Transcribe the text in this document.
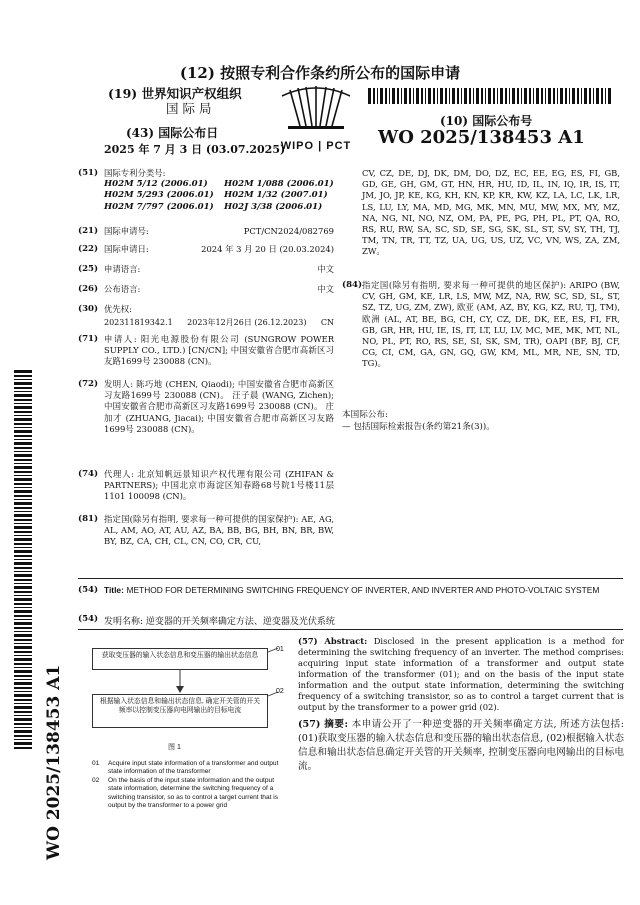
(12) 按照专利合作条约所公布的国际申请
(19) 世界知识产权组织
国 际 局
(43) 国际公布日
2025 年 7 月 3 日 (03.07.2025)
WIPO | PCT
(10) 国际公布号
WO 2025/138453 A1
WO 2025/138453 A1
(51) 国际专利分类号:
H02M 5/12 (2006.01) H02M 1/088 (2006.01)
H02M 5/293 (2006.01) H02M 1/32 (2007.01)
H02M 7/797 (2006.01) H02J 3/38 (2006.01)
(21) 国际申请号:	PCT/CN2024/082769
(22) 国际申请日:	2024 年 3 月 20 日 (20.03.2024)
(25) 申请语言:	中文
(26) 公布语言:	中文
(30) 优先权:
202311819342.1 2023年12月26日 (26.12.2023) CN
(71) 申请人: 阳光电源股份有限公司 (SUNGROW POWER SUPPLY CO., LTD.) [CN/CN]; 中国安徽省合肥市高新区习友路1699号 230088 (CN)。
(72) 发明人: 陈巧地 (CHEN, Qiaodi); 中国安徽省合肥市高新区习友路1699号 230088 (CN)。 汪子晨 (WANG, Zichen); 中国安徽省合肥市高新区习友路1699号 230088 (CN)。 庄加才 (ZHUANG, Jiacai); 中国安徽省合肥市高新区习友路1699号 230088 (CN)。
(74) 代理人: 北京知帆远景知识产权代理有限公司 (ZHIFAN & PARTNERS); 中国北京市海淀区知春路68号院1号楼11层1101 100098 (CN)。
(81) 指定国(除另有指明, 要求每一种可提供的国家保护): AE, AG, AL, AM, AO, AT, AU, AZ, BA, BB, BG, BH, BN, BR, BW, BY, BZ, CA, CH, CL, CN, CO, CR, CU,
CV, CZ, DE, DJ, DK, DM, DO, DZ, EC, EE, EG, ES, FI, GB, GD, GE, GH, GM, GT, HN, HR, HU, ID, IL, IN, IQ, IR, IS, IT, JM, JO, JP, KE, KG, KH, KN, KP, KR, KW, KZ, LA, LC, LK, LR, LS, LU, LY, MA, MD, MG, MK, MN, MU, MW, MX, MY, MZ, NA, NG, NI, NO, NZ, OM, PA, PE, PG, PH, PL, PT, QA, RO, RS, RU, RW, SA, SC, SD, SE, SG, SK, SL, ST, SV, SY, TH, TJ, TM, TN, TR, TT, TZ, UA, UG, US, UZ, VC, VN, WS, ZA, ZM, ZW。
(84) 指定国(除另有指明, 要求每一种可提供的地区保护): ARIPO (BW, CV, GH, GM, KE, LR, LS, MW, MZ, NA, RW, SC, SD, SL, ST, SZ, TZ, UG, ZM, ZW), 欧亚 (AM, AZ, BY, KG, KZ, RU, TJ, TM), 欧洲 (AL, AT, BE, BG, CH, CY, CZ, DE, DK, EE, ES, FI, FR, GB, GR, HR, HU, IE, IS, IT, LT, LU, LV, MC, ME, MK, MT, NL, NO, PL, PT, RO, RS, SE, SI, SK, SM, TR), OAPI (BF, BJ, CF, CG, CI, CM, GA, GN, GQ, GW, KM, ML, MR, NE, SN, TD, TG)。
本国际公布:
— 包括国际检索报告(条约第21条(3))。
(54) Title: METHOD FOR DETERMINING SWITCHING FREQUENCY OF INVERTER, AND INVERTER AND PHOTO-VOLTAIC SYSTEM
(54) 发明名称: 逆变器的开关频率确定方法、逆变器及光伏系统
获取变压器的输入状态信息和变压器的输出状态信息
01
根据输入状态信息和输出状态信息, 确定开关管的开关频率以控制变压器向电网输出的目标电流
02
图 1
01	Acquire input state information of a transformer and output state information of the transformer
02	On the basis of the input state information and the output state information, determine the switching frequency of a switching transistor, so as to control a target current that is output by the transformer to a power grid
(57) Abstract: Disclosed in the present application is a method for determining the switching frequency of an inverter. The method comprises: acquiring input state information of a transformer and output state information of the transformer (01); and on the basis of the input state information and the output state information, determining the switching frequency of a switching transistor, so as to control a target current that is output by the transformer to a power grid (02).
(57) 摘要: 本申请公开了一种逆变器的开关频率确定方法, 所述方法包括: (01)获取变压器的输入状态信息和变压器的输出状态信息, (02)根据输入状态信息和输出状态信息确定开关管的开关频率, 控制变压器向电网输出的目标电流。
